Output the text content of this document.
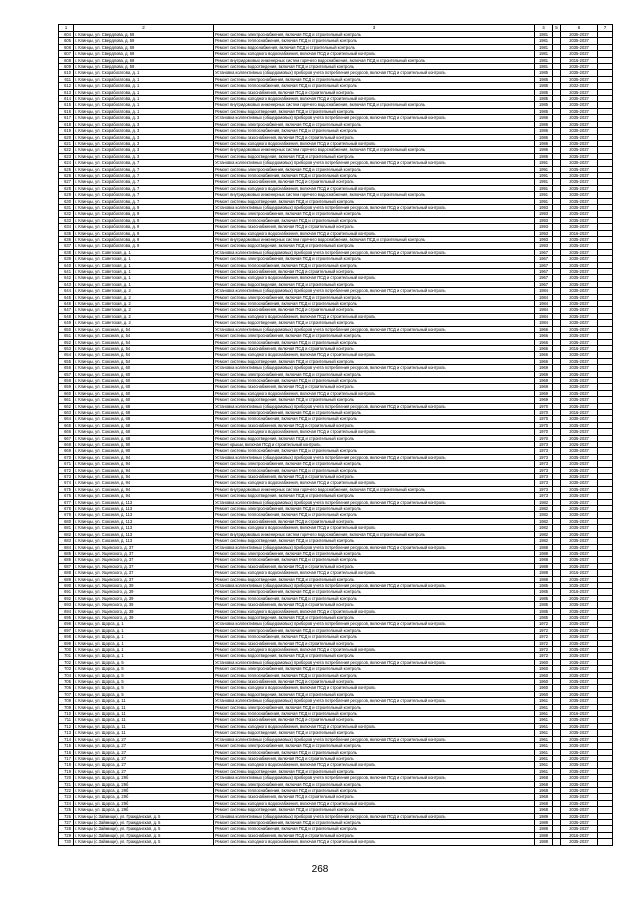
1	2	3	4	5	6	7
604	г. Клинцы, ул. Свердлова, д. 59	Ремонт системы электроснабжения, включая ПСД и строительный контроль	1981		2035-2037	
605	г. Клинцы, ул. Свердлова, д. 59	Ремонт системы теплоснабжения, включая ПСД и строительный контроль	1981		2035-2037	
606	г. Клинцы, ул. Свердлова, д. 59	Ремонт системы водоснабжения, включая ПСД и строительный контроль	1981		2035-2037	
607	г. Клинцы, ул. Свердлова, д. 59	Ремонт системы холодного водоснабжения, включая ПСД и строительный контроль	1981		2035-2037	
608	г. Клинцы, ул. Свердлова, д. 59	Ремонт внутридомовых инженерных систем горячего водоснабжения, включая ПСД и строительный контроль	1981		2016-2037	
609	г. Клинцы, ул. Свердлова, д. 59	Ремонт системы водоотведения, включая ПСД и строительный контроль	1981		2035-2037	
610	г. Клинцы, ул. Скорабогатова, д. 1	Установка коллективных (общедомовых) приборов учета потребления ресурсов, включая ПСД и строительный контроль	1985		2035-2037	
611	г. Клинцы, ул. Скорабогатова, д. 1	Ремонт системы электроснабжения, включая ПСД и строительный контроль	1985		2035-2037	
612	г. Клинцы, ул. Скорабогатова, д. 1	Ремонт системы теплоснабжения, включая ПСД и строительный контроль	1985		2032-2037	
613	г. Клинцы, ул. Скорабогатова, д. 1	Ремонт системы газоснабжения, включая ПСД и строительный контроль	1985		2035-2037	
614	г. Клинцы, ул. Скорабогатова, д. 1	Ремонт системы холодного водоснабжения, включая ПСД и строительный контроль	1985		2035-2037	
615	г. Клинцы, ул. Скорабогатова, д. 1	Ремонт внутридомовых инженерных систем горячего водоснабжения, включая ПСД и строительный контроль	1985		2035-2037	
616	г. Клинцы, ул. Скорабогатова, д. 1	Ремонт системы водоотведения, включая ПСД и строительный контроль	1985		2035-2037	
617	г. Клинцы, ул. Скорабогатова, д. 3	Установка коллективных (общедомовых) приборов учета потребления ресурсов, включая ПСД и строительный контроль	1986		2035-2037	
618	г. Клинцы, ул. Скорабогатова, д. 3	Ремонт системы электроснабжения, включая ПСД и строительный контроль	1986		2035-2037	
619	г. Клинцы, ул. Скорабогатова, д. 3	Ремонт системы теплоснабжения, включая ПСД и строительный контроль	1986		2035-2037	
620	г. Клинцы, ул. Скорабогатова, д. 3	Ремонт системы газоснабжения, включая ПСД и строительный контроль	1986		2035-2037	
621	г. Клинцы, ул. Скорабогатова, д. 3	Ремонт системы холодного водоснабжения, включая ПСД и строительный контроль	1986		2035-2037	
622	г. Клинцы, ул. Скорабогатова, д. 3	Ремонт внутридомовых инженерных систем горячего водоснабжения, включая ПСД и строительный контроль	1986		2035-2037	
623	г. Клинцы, ул. Скорабогатова, д. 3	Ремонт системы водоотведения, включая ПСД и строительный контроль	1986		2035-2037	
624	г. Клинцы, ул. Скорабогатова, д. 7	Установка коллективных (общедомовых) приборов учета потребления ресурсов, включая ПСД и строительный контроль	1991		2035-2037	
625	г. Клинцы, ул. Скорабогатова, д. 7	Ремонт системы электроснабжения, включая ПСД и строительный контроль	1991		2035-2037	
626	г. Клинцы, ул. Скорабогатова, д. 7	Ремонт системы теплоснабжения, включая ПСД и строительный контроль	1991		2035-2037	
627	г. Клинцы, ул. Скорабогатова, д. 7	Ремонт системы газоснабжения, включая ПСД и строительный контроль	1991		2035-2037	
628	г. Клинцы, ул. Скорабогатова, д. 7	Ремонт системы холодного водоснабжения, включая ПСД и строительный контроль	1991		2035-2037	
629	г. Клинцы, ул. Скорабогатова, д. 7	Ремонт внутридомовых инженерных систем горячего водоснабжения, включая ПСД и строительный контроль	1991		2035-2037	
630	г. Клинцы, ул. Скорабогатова, д. 7	Ремонт системы водоотведения, включая ПСД и строительный контроль	1991		2035-2037	
631	г. Клинцы, ул. Скорабогатова, д. 9	Установка коллективных (общедомовых) приборов учета потребления ресурсов, включая ПСД и строительный контроль	1993		2035-2037	
632	г. Клинцы, ул. Скорабогатова, д. 9	Ремонт системы электроснабжения, включая ПСД и строительный контроль	1993		2035-2037	
633	г. Клинцы, ул. Скорабогатова, д. 9	Ремонт системы теплоснабжения, включая ПСД и строительный контроль	1993		2035-2037	
634	г. Клинцы, ул. Скорабогатова, д. 9	Ремонт системы газоснабжения, включая ПСД и строительный контроль	1993		2035-2037	
635	г. Клинцы, ул. Скорабогатова, д. 9	Ремонт системы холодного водоснабжения, включая ПСД и строительный контроль	1993		2016-2037	
636	г. Клинцы, ул. Скорабогатова, д. 9	Ремонт внутридомовых инженерных систем горячего водоснабжения, включая ПСД и строительный контроль	1993		2035-2037	
637	г. Клинцы, ул. Скорабогатова, д. 9	Ремонт системы водоотведения, включая ПСД и строительный контроль	1993		2035-2037	
638	г. Клинцы, ул. Советская, д. 1	Установка коллективных (общедомовых) приборов учета потребления ресурсов, включая ПСД и строительный контроль	1967		2035-2037	
639	г. Клинцы, ул. Советская, д. 1	Ремонт системы электроснабжения, включая ПСД и строительный контроль	1967		2035-2037	
640	г. Клинцы, ул. Советская, д. 1	Ремонт системы теплоснабжения, включая ПСД и строительный контроль	1967		2035-2037	
641	г. Клинцы, ул. Советская, д. 1	Ремонт системы газоснабжения, включая ПСД и строительный контроль	1967		2035-2037	
642	г. Клинцы, ул. Советская, д. 1	Ремонт системы холодного водоснабжения, включая ПСД и строительный контроль	1967		2035-2037	
643	г. Клинцы, ул. Советская, д. 1	Ремонт системы водоотведения, включая ПСД и строительный контроль	1967		2035-2037	
644	г. Клинцы, ул. Советская, д. 2	Установка коллективных (общедомовых) приборов учета потребления ресурсов, включая ПСД и строительный контроль	1984		2035-2037	
645	г. Клинцы, ул. Советская, д. 2	Ремонт системы электроснабжения, включая ПСД и строительный контроль	1984		2035-2037	
646	г. Клинцы, ул. Советская, д. 2	Ремонт системы теплоснабжения, включая ПСД и строительный контроль	1984		2035-2037	
647	г. Клинцы, ул. Советская, д. 2	Ремонт системы газоснабжения, включая ПСД и строительный контроль	1984		2035-2037	
648	г. Клинцы, ул. Советская, д. 2	Ремонт системы холодного водоснабжения, включая ПСД и строительный контроль	1984		2035-2037	
649	г. Клинцы, ул. Советская, д. 2	Ремонт системы водоотведения, включая ПСД и строительный контроль	1984		2035-2037	
650	г. Клинцы, ул. Союзная, д. 54	Установка коллективных (общедомовых) приборов учета потребления ресурсов, включая ПСД и строительный контроль	1966		2035-2037	
651	г. Клинцы, ул. Союзная, д. 54	Ремонт системы электроснабжения, включая ПСД и строительный контроль	1966		2035-2037	
652	г. Клинцы, ул. Союзная, д. 54	Ремонт системы теплоснабжения, включая ПСД и строительный контроль	1966		2035-2037	
653	г. Клинцы, ул. Союзная, д. 54	Ремонт системы газоснабжения, включая ПСД и строительный контроль	1966		2016-2037	
654	г. Клинцы, ул. Союзная, д. 54	Ремонт системы холодного водоснабжения, включая ПСД и строительный контроль	1966		2035-2037	
655	г. Клинцы, ул. Союзная, д. 54	Ремонт системы водоотведения, включая ПСД и строительный контроль	1966		2035-2037	
656	г. Клинцы, ул. Союзная, д. 60	Установка коллективных (общедомовых) приборов учета потребления ресурсов, включая ПСД и строительный контроль	1969		2035-2037	
657	г. Клинцы, ул. Союзная, д. 60	Ремонт системы электроснабжения, включая ПСД и строительный контроль	1969		2035-2037	
658	г. Клинцы, ул. Союзная, д. 60	Ремонт системы теплоснабжения, включая ПСД и строительный контроль	1969		2035-2037	
659	г. Клинцы, ул. Союзная, д. 60	Ремонт системы газоснабжения, включая ПСД и строительный контроль	1969		2035-2037	
660	г. Клинцы, ул. Союзная, д. 60	Ремонт системы холодного водоснабжения, включая ПСД и строительный контроль	1969		2035-2037	
661	г. Клинцы, ул. Союзная, д. 60	Ремонт системы водоотведения, включая ПСД и строительный контроль	1969		2035-2037	
662	г. Клинцы, ул. Союзная, д. 68	Установка коллективных (общедомовых) приборов учета потребления ресурсов, включая ПСД и строительный контроль	1970		2035-2037	
663	г. Клинцы, ул. Союзная, д. 68	Ремонт системы электроснабжения, включая ПСД и строительный контроль	1970		2016-2037	
664	г. Клинцы, ул. Союзная, д. 68	Ремонт системы теплоснабжения, включая ПСД и строительный контроль	1970		2035-2037	
665	г. Клинцы, ул. Союзная, д. 68	Ремонт системы газоснабжения, включая ПСД и строительный контроль	1970		2035-2037	
666	г. Клинцы, ул. Союзная, д. 68	Ремонт системы холодного водоснабжения, включая ПСД и строительный контроль	1970		2035-2037	
667	г. Клинцы, ул. Союзная, д. 68	Ремонт системы водоотведения, включая ПСД и строительный контроль	1970		2035-2037	
668	г. Клинцы, ул. Союзная, д. 90	Ремонт крыши, включая ПСД и строительный контроль	1973		2026-2037	
669	г. Клинцы, ул. Союзная, д. 90	Ремонт системы теплоснабжения, включая ПСД и строительный контроль	1973		2035-2037	
670	г. Клинцы, ул. Союзная, д. 94	Установка коллективных (общедомовых) приборов учета потребления ресурсов, включая ПСД и строительный контроль	1973		2035-2037	
671	г. Клинцы, ул. Союзная, д. 94	Ремонт системы электроснабжения, включая ПСД и строительный контроль	1973		2035-2037	
672	г. Клинцы, ул. Союзная, д. 94	Ремонт системы теплоснабжения, включая ПСД и строительный контроль	1973		2035-2037	
673	г. Клинцы, ул. Союзная, д. 94	Ремонт системы газоснабжения, включая ПСД и строительный контроль	1973		2035-2037	
674	г. Клинцы, ул. Союзная, д. 94	Ремонт системы холодного водоснабжения, включая ПСД и строительный контроль	1973		2035-2037	
675	г. Клинцы, ул. Союзная, д. 94	Ремонт внутридомовых инженерных систем горячего водоснабжения, включая ПСД и строительный контроль	1973		2035-2037	
676	г. Клинцы, ул. Союзная, д. 94	Ремонт системы водоотведения, включая ПСД и строительный контроль	1973		2035-2037	
677	г. Клинцы, ул. Союзная, д. 113	Установка коллективных (общедомовых) приборов учета потребления ресурсов, включая ПСД и строительный контроль	1982		2035-2037	
678	г. Клинцы, ул. Союзная, д. 113	Ремонт системы электроснабжения, включая ПСД и строительный контроль	1982		2035-2037	
679	г. Клинцы, ул. Союзная, д. 113	Ремонт системы теплоснабжения, включая ПСД и строительный контроль	1982		2035-2037	
680	г. Клинцы, ул. Союзная, д. 113	Ремонт системы газоснабжения, включая ПСД и строительный контроль	1982		2035-2037	
681	г. Клинцы, ул. Союзная, д. 113	Ремонт системы холодного водоснабжения, включая ПСД и строительный контроль	1982		2035-2037	
682	г. Клинцы, ул. Союзная, д. 113	Ремонт внутридомовых инженерных систем горячего водоснабжения, включая ПСД и строительный контроль	1982		2035-2037	
683	г. Клинцы, ул. Союзная, д. 113	Ремонт системы водоотведения, включая ПСД и строительный контроль	1982		2035-2037	
684	г. Клинцы, ул. Ущинского, д. 37	Установка коллективных (общедомовых) приборов учета потребления ресурсов, включая ПСД и строительный контроль	1988		2035-2037	
685	г. Клинцы, ул. Ущинского, д. 37	Ремонт системы электроснабжения, включая ПСД и строительный контроль	1988		2035-2037	
686	г. Клинцы, ул. Ущинского, д. 37	Ремонт системы теплоснабжения, включая ПСД и строительный контроль	1988		2035-2037	
687	г. Клинцы, ул. Ущинского, д. 37	Ремонт системы газоснабжения, включая ПСД и строительный контроль	1988		2035-2037	
688	г. Клинцы, ул. Ущинского, д. 37	Ремонт системы холодного водоснабжения, включая ПСД и строительный контроль	1988		2016-2037	
689	г. Клинцы, ул. Ущинского, д. 37	Ремонт системы водоотведения, включая ПСД и строительный контроль	1988		2035-2037	
690	г. Клинцы, ул. Ущинского, д. 39	Установка коллективных (общедомовых) приборов учета потребления ресурсов, включая ПСД и строительный контроль	1985		2035-2037	
691	г. Клинцы, ул. Ущинского, д. 39	Ремонт системы электроснабжения, включая ПСД и строительный контроль	1985		2016-2037	
692	г. Клинцы, ул. Ущинского, д. 39	Ремонт системы теплоснабжения, включая ПСД и строительный контроль	1985		2035-2037	
693	г. Клинцы, ул. Ущинского, д. 39	Ремонт системы газоснабжения, включая ПСД и строительный контроль	1985		2035-2037	
694	г. Клинцы, ул. Ущинского, д. 39	Ремонт системы холодного водоснабжения, включая ПСД и строительный контроль	1985		2035-2037	
695	г. Клинцы, ул. Ущинского, д. 39	Ремонт системы водоотведения, включая ПСД и строительный контроль	1985		2035-2037	
696	г. Клинцы, ул. Щорса, д. 1	Установка коллективных (общедомовых) приборов учета потребления ресурсов, включая ПСД и строительный контроль	1972		2035-2037	
697	г. Клинцы, ул. Щорса, д. 1	Ремонт системы электроснабжения, включая ПСД и строительный контроль	1972		2035-2037	
698	г. Клинцы, ул. Щорса, д. 1	Ремонт системы теплоснабжения, включая ПСД и строительный контроль	1972		2035-2037	
699	г. Клинцы, ул. Щорса, д. 1	Ремонт системы газоснабжения, включая ПСД и строительный контроль	1972		2035-2037	
700	г. Клинцы, ул. Щорса, д. 1	Ремонт системы холодного водоснабжения, включая ПСД и строительный контроль	1972		2035-2037	
701	г. Клинцы, ул. Щорса, д. 1	Ремонт системы водоотведения, включая ПСД и строительный контроль	1972		2035-2037	
702	г. Клинцы, ул. Щорса, д. 5	Установка коллективных (общедомовых) приборов учета потребления ресурсов, включая ПСД и строительный контроль	1960		2035-2037	
703	г. Клинцы, ул. Щорса, д. 5	Ремонт системы электроснабжения, включая ПСД и строительный контроль	1960		2035-2037	
704	г. Клинцы, ул. Щорса, д. 5	Ремонт системы теплоснабжения, включая ПСД и строительный контроль	1960		2035-2037	
705	г. Клинцы, ул. Щорса, д. 5	Ремонт системы газоснабжения, включая ПСД и строительный контроль	1960		2035-2037	
706	г. Клинцы, ул. Щорса, д. 5	Ремонт системы холодного водоснабжения, включая ПСД и строительный контроль	1960		2035-2037	
707	г. Клинцы, ул. Щорса, д. 5	Ремонт системы водоотведения, включая ПСД и строительный контроль	1960		2035-2037	
708	г. Клинцы, ул. Щорса, д. 11	Установка коллективных (общедомовых) приборов учета потребления ресурсов, включая ПСД и строительный контроль	1961		2035-2037	
709	г. Клинцы, ул. Щорса, д. 11	Ремонт системы электроснабжения, включая ПСД и строительный контроль	1961		2035-2037	
710	г. Клинцы, ул. Щорса, д. 11	Ремонт системы теплоснабжения, включая ПСД и строительный контроль	1961		2016-2037	
711	г. Клинцы, ул. Щорса, д. 11	Ремонт системы газоснабжения, включая ПСД и строительный контроль	1961		2035-2037	
712	г. Клинцы, ул. Щорса, д. 11	Ремонт системы холодного водоснабжения, включая ПСД и строительный контроль	1961		2035-2037	
713	г. Клинцы, ул. Щорса, д. 11	Ремонт системы водоотведения, включая ПСД и строительный контроль	1961		2035-2037	
714	г. Клинцы, ул. Щорса, д. 27	Установка коллективных (общедомовых) приборов учета потребления ресурсов, включая ПСД и строительный контроль	1961		2035-2037	
715	г. Клинцы, ул. Щорса, д. 27	Ремонт системы электроснабжения, включая ПСД и строительный контроль	1961		2035-2037	
716	г. Клинцы, ул. Щорса, д. 27	Ремонт системы теплоснабжения, включая ПСД и строительный контроль	1961		2035-2037	
717	г. Клинцы, ул. Щорса, д. 27	Ремонт системы газоснабжения, включая ПСД и строительный контроль	1961		2035-2037	
718	г. Клинцы, ул. Щорса, д. 27	Ремонт системы холодного водоснабжения, включая ПСД и строительный контроль	1961		2035-2037	
719	г. Клинцы, ул. Щорса, д. 27	Ремонт системы водоотведения, включая ПСД и строительный контроль	1961		2035-2037	
720	г. Клинцы, ул. Щорса, д. 29б	Установка коллективных (общедомовых) приборов учета потребления ресурсов, включая ПСД и строительный контроль	1968		2035-2037	
721	г. Клинцы, ул. Щорса, д. 29б	Ремонт системы электроснабжения, включая ПСД и строительный контроль	1968		2035-2037	
722	г. Клинцы, ул. Щорса, д. 29б	Ремонт системы теплоснабжения, включая ПСД и строительный контроль	1968		2035-2037	
723	г. Клинцы, ул. Щорса, д. 29б	Ремонт системы газоснабжения, включая ПСД и строительный контроль	1968		2035-2037	
724	г. Клинцы, ул. Щорса, д. 29б	Ремонт системы холодного водоснабжения, включая ПСД и строительный контроль	1968		2035-2037	
725	г. Клинцы, ул. Щорса, д. 29б	Ремонт системы водоотведения, включая ПСД и строительный контроль	1968		2035-2037	
726	г. Клинцы (с Займище), ул. Гражданская, д. 5	Установка коллективных (общедомовых) приборов учета потребления ресурсов, включая ПСД и строительный контроль	1989		2035-2037	
727	г. Клинцы (с Займище), ул. Гражданская, д. 5	Ремонт системы электроснабжения, включая ПСД и строительный контроль	1989		2035-2037	
728	г. Клинцы (с Займище), ул. Гражданская, д. 5	Ремонт системы теплоснабжения, включая ПСД и строительный контроль	1989		2035-2037	
729	г. Клинцы (с Займище), ул. Гражданская, д. 5	Ремонт системы газоснабжения, включая ПСД и строительный контроль	1989		2016-2037	
730	г. Клинцы (с Займище), ул. Гражданская, д. 5	Ремонт системы холодного водоснабжения, включая ПСД и строительный контроль	1989		2035-2037	
268
